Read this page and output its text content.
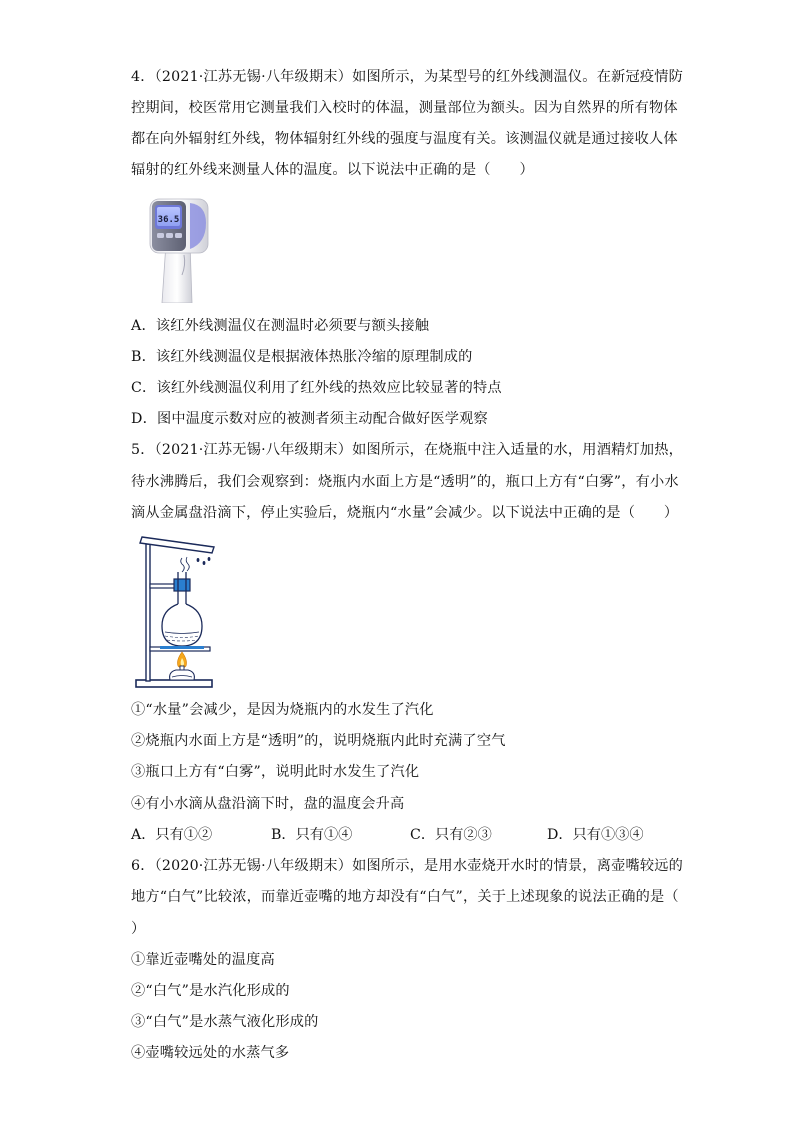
4．（2021·江苏无锡·八年级期末）如图所示，为某型号的红外线测温仪。在新冠疫情防
控期间，校医常用它测量我们入校时的体温，测量部位为额头。因为自然界的所有物体
都在向外辐射红外线，物体辐射红外线的强度与温度有关。该测温仪就是通过接收人体
辐射的红外线来测量人体的温度。以下说法中正确的是（　　）
36.5
A．该红外线测温仪在测温时必须要与额头接触
B．该红外线测温仪是根据液体热胀冷缩的原理制成的
C．该红外线测温仪利用了红外线的热效应比较显著的特点
D．图中温度示数对应的被测者须主动配合做好医学观察
5．（2021·江苏无锡·八年级期末）如图所示，在烧瓶中注入适量的水，用酒精灯加热，
待水沸腾后，我们会观察到：烧瓶内水面上方是“透明”的，瓶口上方有“白雾”，有小水
滴从金属盘沿滴下，停止实验后，烧瓶内“水量”会减少。以下说法中正确的是（　　）
①“水量”会减少，是因为烧瓶内的水发生了汽化
②烧瓶内水面上方是“透明”的，说明烧瓶内此时充满了空气
③瓶口上方有“白雾”，说明此时水发生了汽化
④有小水滴从盘沿滴下时，盘的温度会升高
A．只有①②	B．只有①④	C．只有②③	D．只有①③④
6．（2020·江苏无锡·八年级期末）如图所示，是用水壶烧开水时的情景，离壶嘴较远的
地方“白气”比较浓，而靠近壶嘴的地方却没有“白气”，关于上述现象的说法正确的是（
）
①靠近壶嘴处的温度高
②“白气”是水汽化形成的
③“白气”是水蒸气液化形成的
④壶嘴较远处的水蒸气多
